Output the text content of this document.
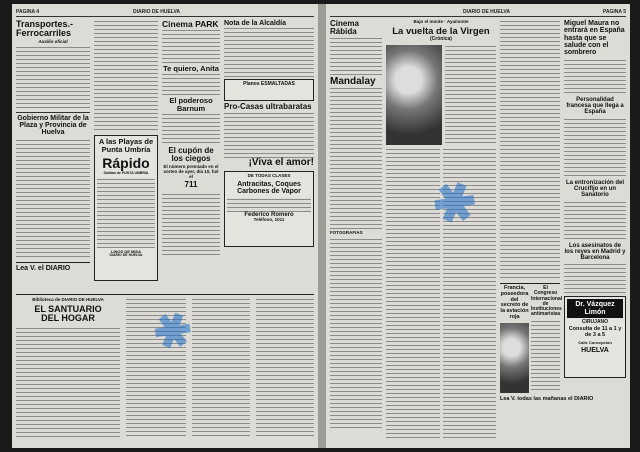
PAGINA 4	DIARIO DE HUELVA
Transportes.- Ferrocarriles
Auxilio oficial
Gobierno Militar de la Plaza y Provincia de Huelva
Lea V. el DIARIO
A las Playas de Punta Umbría
Rápido
Salidas de PUNTA UMBRIA
LINOS DE MISA
DIARIO DE HUELVA
Cinema PARK
Te quiero, Anita
El poderoso Barnum
El cupón de los ciegos
El número premiado en el sorteo de ayer, día 10, fué el
711
Nota de la Alcaldía
Planos ESMALTADAS
Pro-Casas ultrabaratas
¡Viva el amor!
DE TODAS CLASES
Antracitas, Coques Carbones de Vapor
Federico Romero
Teléfono, 1011
Biblioteca de DIARIO DE HUELVA
EL SANTUARIO
DEL HOGAR
DIARIO DE HUELVA	PAGINA 5
Cinema Rábida
Mandalay
FOTOGRAFIAS
Bajo el monte · Ayamonte
La vuelta de la Virgen
(Crónica)
Francia, poseedora del secreto de la aviación roja
El Congreso Internacional de Instituciones antimaristas
Lea V. todas las mañanas el DIARIO
Miguel Maura no entrará en España hasta que se salude con el sombrero
Personalidad francesa que llega a España
La entronización del Crucifijo en un Sanatorio
Los asesinatos de los reyes en Madrid y Barcelona
Dr. Vázquez Limón
CIRUJANO
Consulta de 11 a 1 y de 3 a 5
Calle Concepción
HUELVA
✱
✱
